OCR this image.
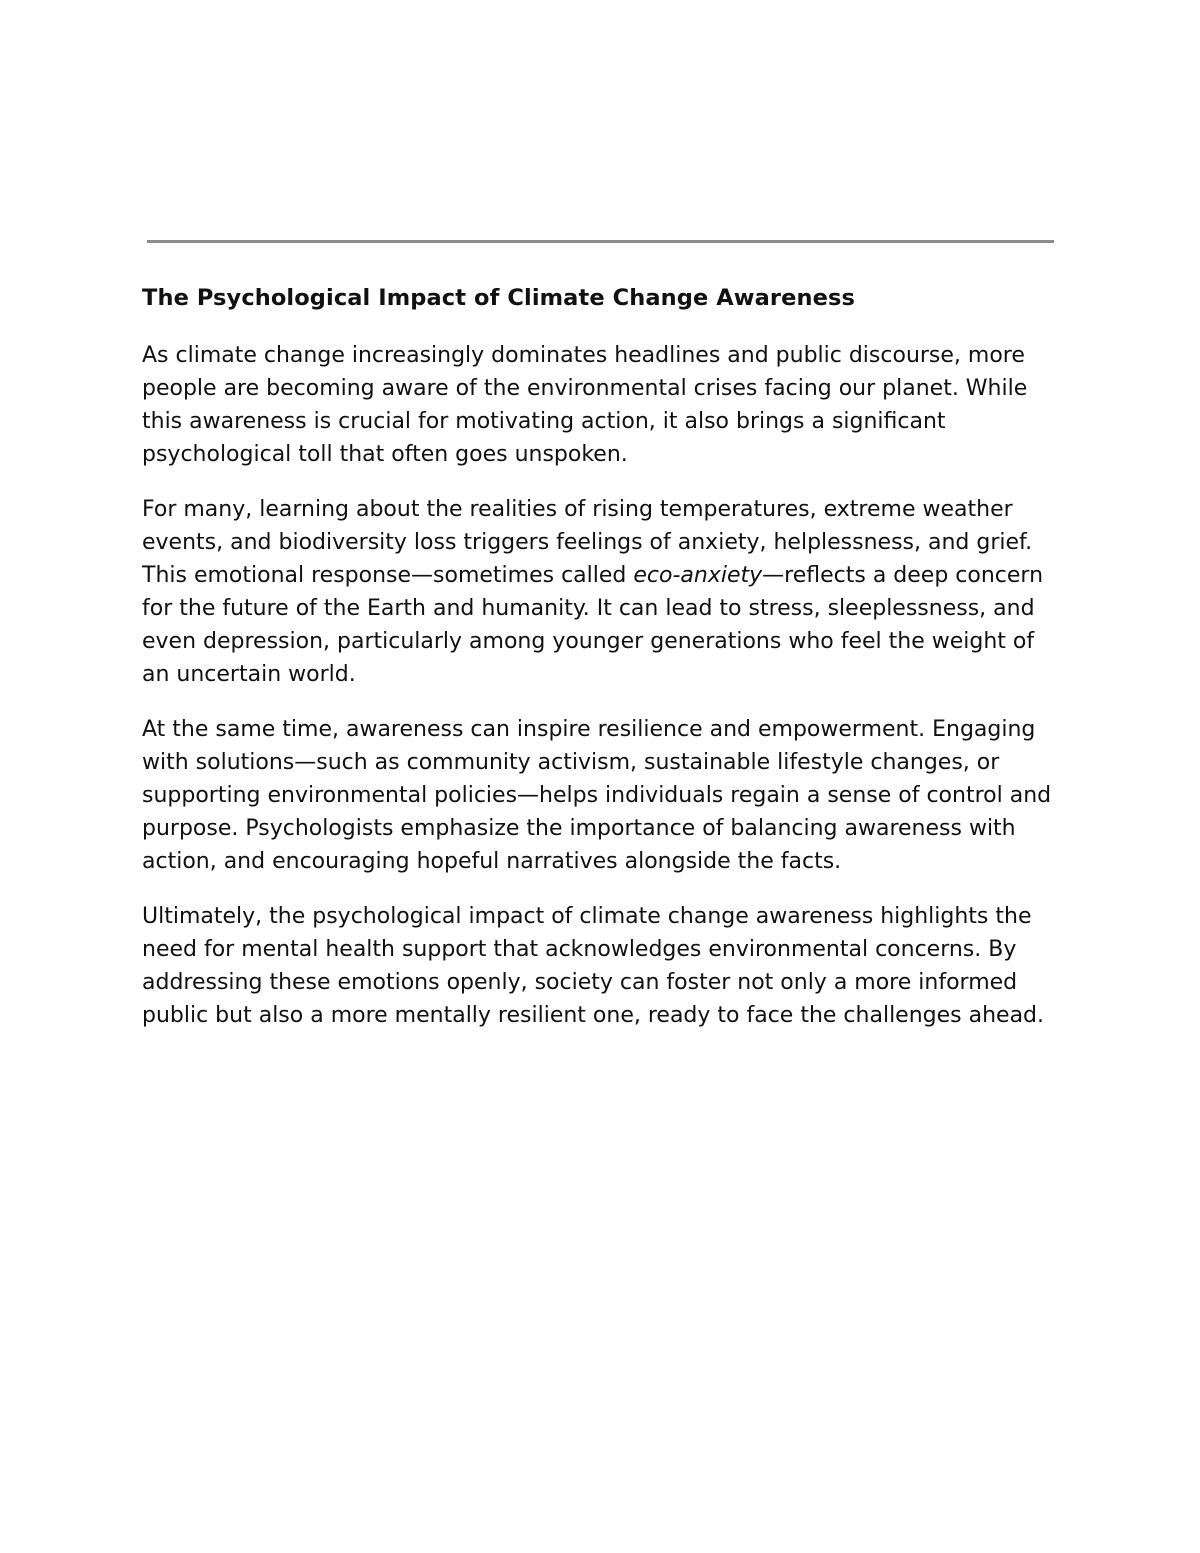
The Psychological Impact of Climate Change Awareness

As climate change increasingly dominates headlines and public discourse, more people are becoming aware of the environmental crises facing our planet. While this awareness is crucial for motivating action, it also brings a significant psychological toll that often goes unspoken.

For many, learning about the realities of rising temperatures, extreme weather events, and biodiversity loss triggers feelings of anxiety, helplessness, and grief. This emotional response—sometimes called eco-anxiety—reflects a deep concern for the future of the Earth and humanity. It can lead to stress, sleeplessness, and even depression, particularly among younger generations who feel the weight of an uncertain world.

At the same time, awareness can inspire resilience and empowerment. Engaging with solutions—such as community activism, sustainable lifestyle changes, or supporting environmental policies—helps individuals regain a sense of control and purpose. Psychologists emphasize the importance of balancing awareness with action, and encouraging hopeful narratives alongside the facts.

Ultimately, the psychological impact of climate change awareness highlights the need for mental health support that acknowledges environmental concerns. By addressing these emotions openly, society can foster not only a more informed public but also a more mentally resilient one, ready to face the challenges ahead.
